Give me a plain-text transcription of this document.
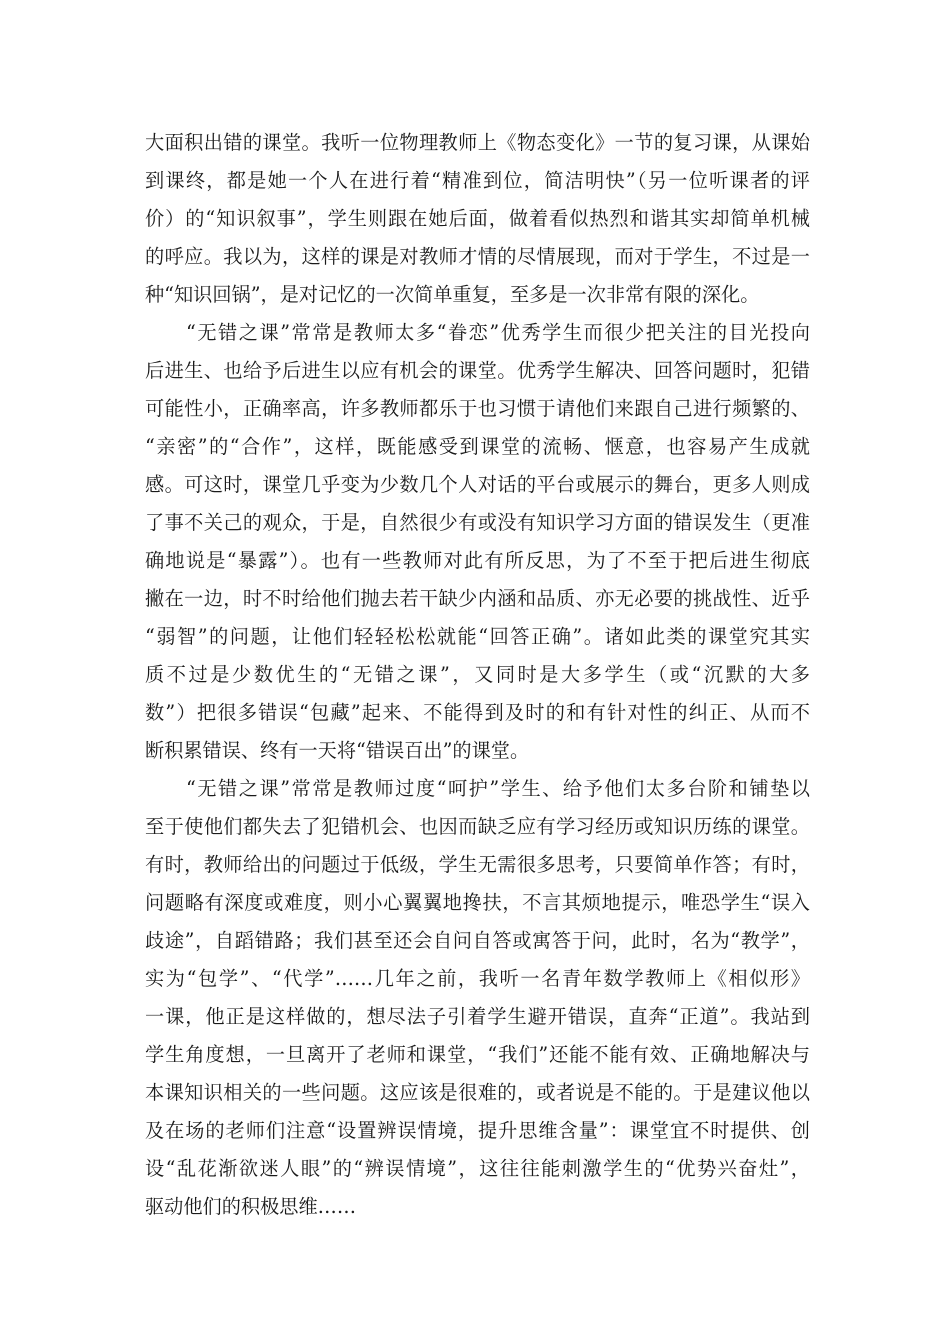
大面积出错的课堂。我听一位物理教师上《物态变化》一节的复习课，从课始
到课终，都是她一个人在进行着“精准到位，简洁明快”（另一位听课者的评
价）的“知识叙事”，学生则跟在她后面，做着看似热烈和谐其实却简单机械
的呼应。我以为，这样的课是对教师才情的尽情展现，而对于学生，不过是一
种“知识回锅”，是对记忆的一次简单重复，至多是一次非常有限的深化。
“无错之课”常常是教师太多“眷恋”优秀学生而很少把关注的目光投向
后进生、也给予后进生以应有机会的课堂。优秀学生解决、回答问题时，犯错
可能性小，正确率高，许多教师都乐于也习惯于请他们来跟自己进行频繁的、
“亲密”的“合作”，这样，既能感受到课堂的流畅、惬意，也容易产生成就
感。可这时，课堂几乎变为少数几个人对话的平台或展示的舞台，更多人则成
了事不关己的观众，于是，自然很少有或没有知识学习方面的错误发生（更准
确地说是“暴露”）。也有一些教师对此有所反思，为了不至于把后进生彻底
撇在一边，时不时给他们抛去若干缺少内涵和品质、亦无必要的挑战性、近乎
“弱智”的问题，让他们轻轻松松就能“回答正确”。诸如此类的课堂究其实
质不过是少数优生的“无错之课”，又同时是大多学生（或“沉默的大多
数”）把很多错误“包藏”起来、不能得到及时的和有针对性的纠正、从而不
断积累错误、终有一天将“错误百出”的课堂。
“无错之课”常常是教师过度“呵护”学生、给予他们太多台阶和铺垫以
至于使他们都失去了犯错机会、也因而缺乏应有学习经历或知识历练的课堂。
有时，教师给出的问题过于低级，学生无需很多思考，只要简单作答；有时，
问题略有深度或难度，则小心翼翼地搀扶，不言其烦地提示，唯恐学生“误入
歧途”，自蹈错路；我们甚至还会自问自答或寓答于问，此时，名为“教学”，
实为“包学”、“代学”……几年之前，我听一名青年数学教师上《相似形》
一课，他正是这样做的，想尽法子引着学生避开错误，直奔“正道”。我站到
学生角度想，一旦离开了老师和课堂，“我们”还能不能有效、正确地解决与
本课知识相关的一些问题。这应该是很难的，或者说是不能的。于是建议他以
及在场的老师们注意“设置辨误情境，提升思维含量”：课堂宜不时提供、创
设“乱花渐欲迷人眼”的“辨误情境”，这往往能刺激学生的“优势兴奋灶”，
驱动他们的积极思维……
